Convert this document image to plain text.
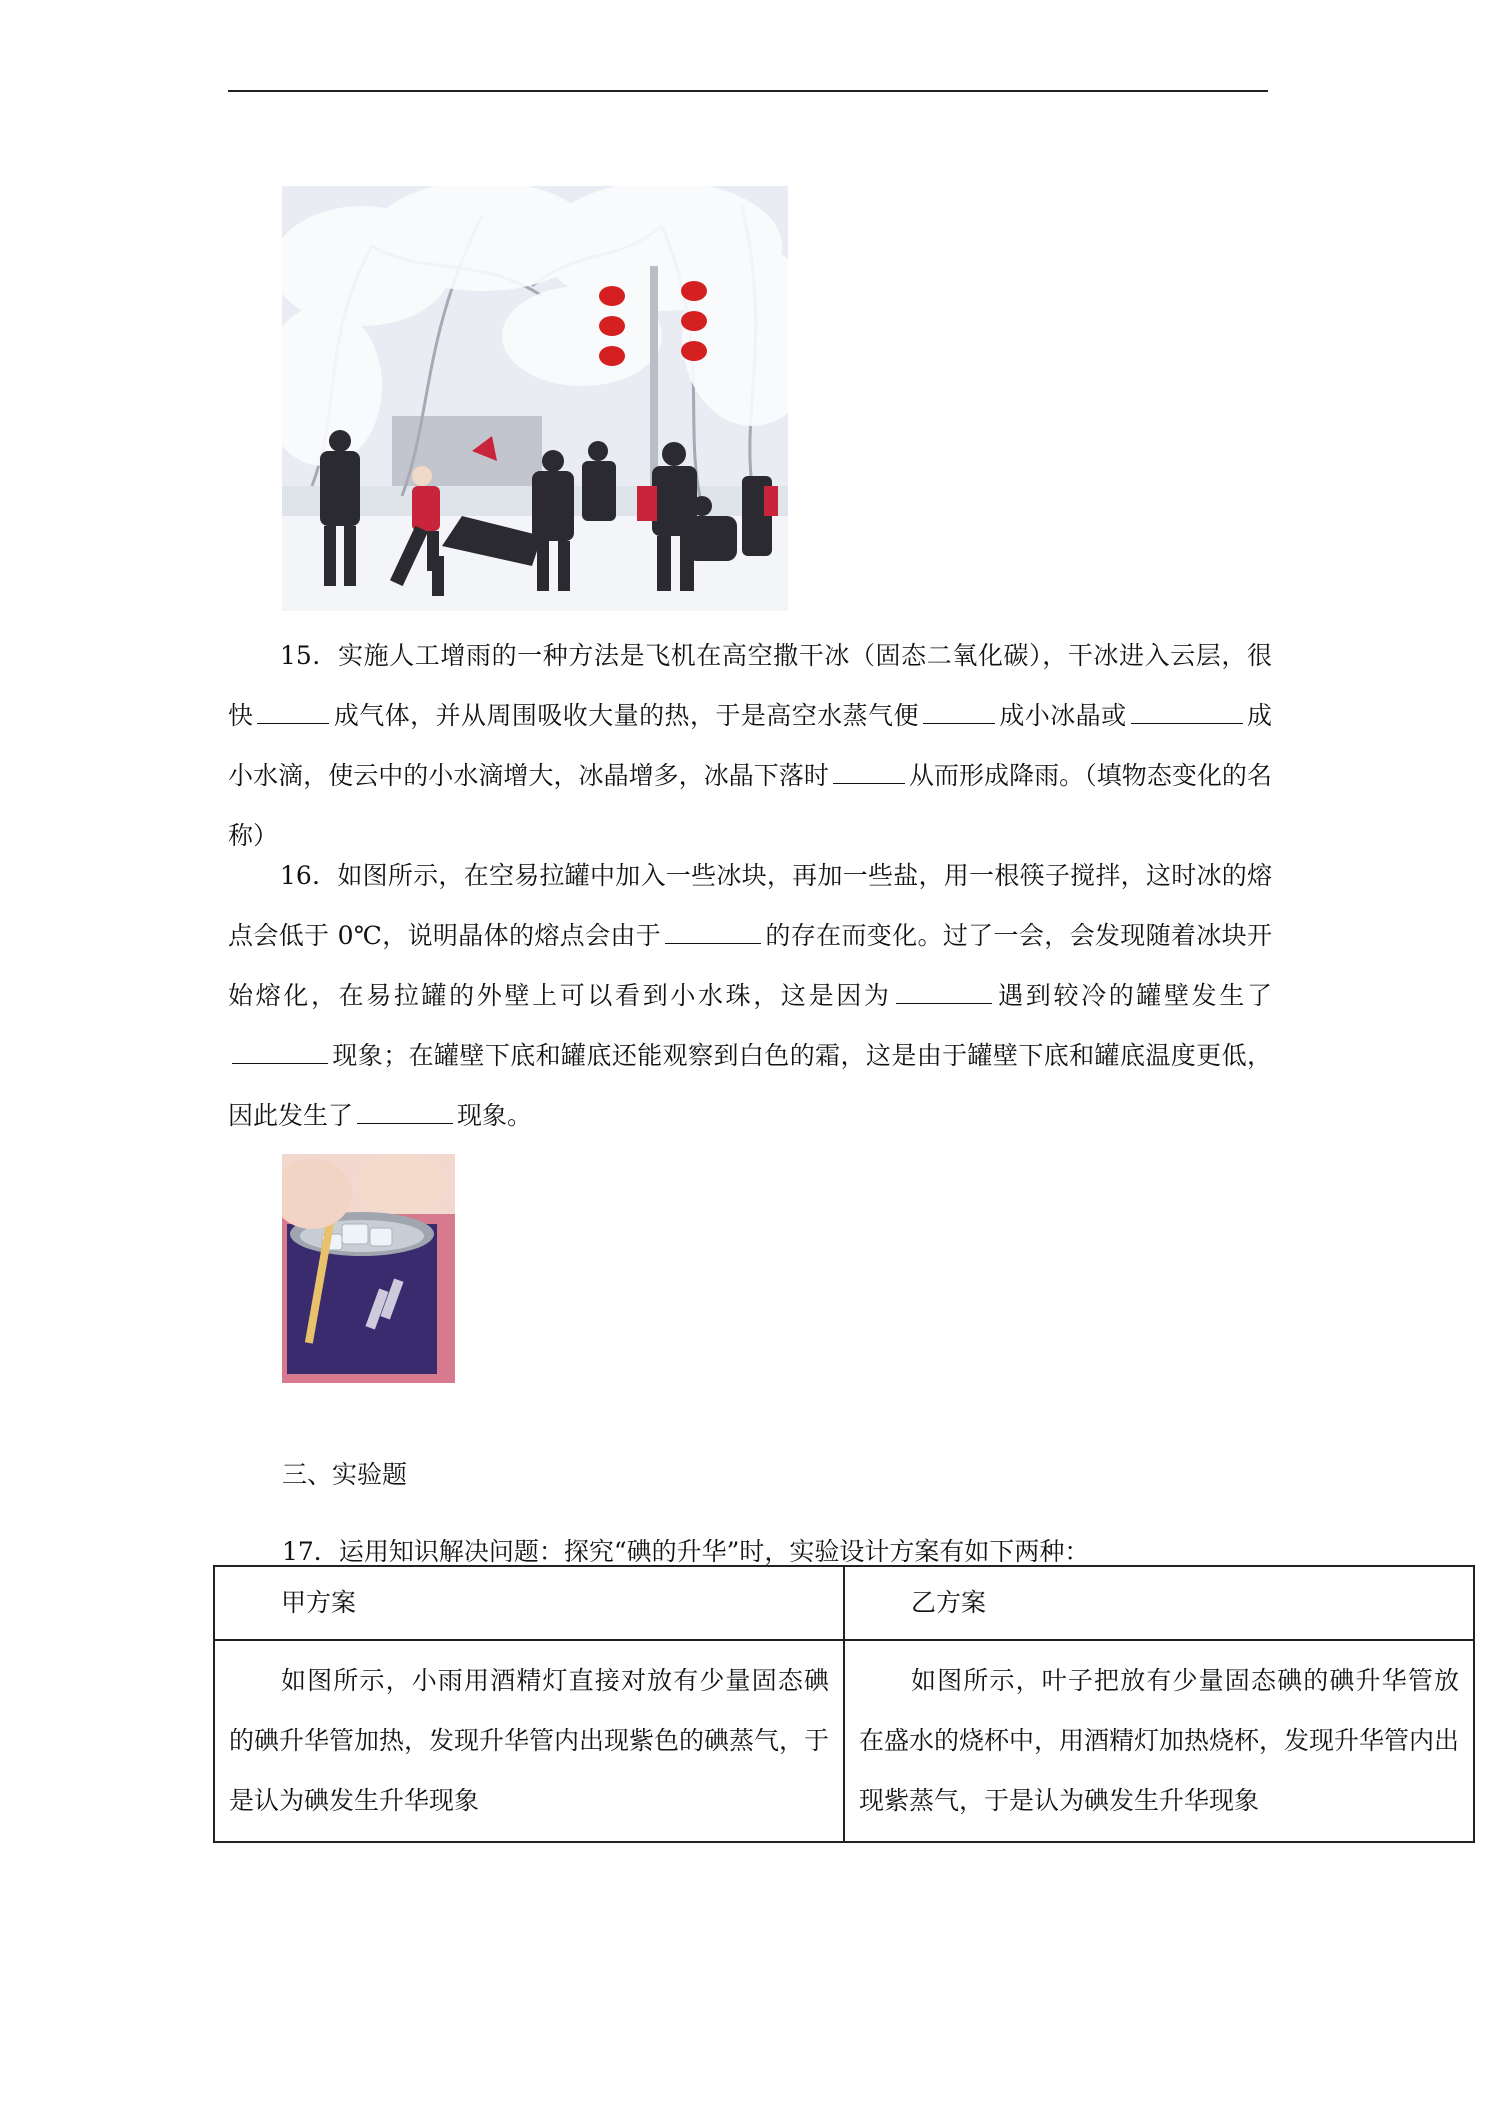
15．实施人工增雨的一种方法是飞机在高空撒干冰（固态二氧化碳），干冰进入云层，很快	成气体，并从周围吸收大量的热，于是高空水蒸气便	成小冰晶或	成小水滴，使云中的小水滴增大，冰晶增多，冰晶下落时	从而形成降雨。（填物态变化的名称）
16．如图所示，在空易拉罐中加入一些冰块，再加一些盐，用一根筷子搅拌，这时冰的熔点会低于 0℃，说明晶体的熔点会由于	的存在而变化。过了一会，会发现随着冰块开始熔化，在易拉罐的外壁上可以看到小水珠，这是因为	遇到较冷的罐壁发生了现象；在罐壁下底和罐底还能观察到白色的霜，这是由于罐壁下底和罐底温度更低，因此发生了	现象。
三、实验题
17．运用知识解决问题：探究“碘的升华”时，实验设计方案有如下两种：
甲方案	乙方案

如图所示，小雨用酒精灯直接对放有少量固态碘的碘升华管加热，发现升华管内出现紫色的碘蒸气，于是认为碘发生升华现象	如图所示，叶子把放有少量固态碘的碘升华管放在盛水的烧杯中，用酒精灯加热烧杯，发现升华管内出现紫蒸气，于是认为碘发生升华现象
